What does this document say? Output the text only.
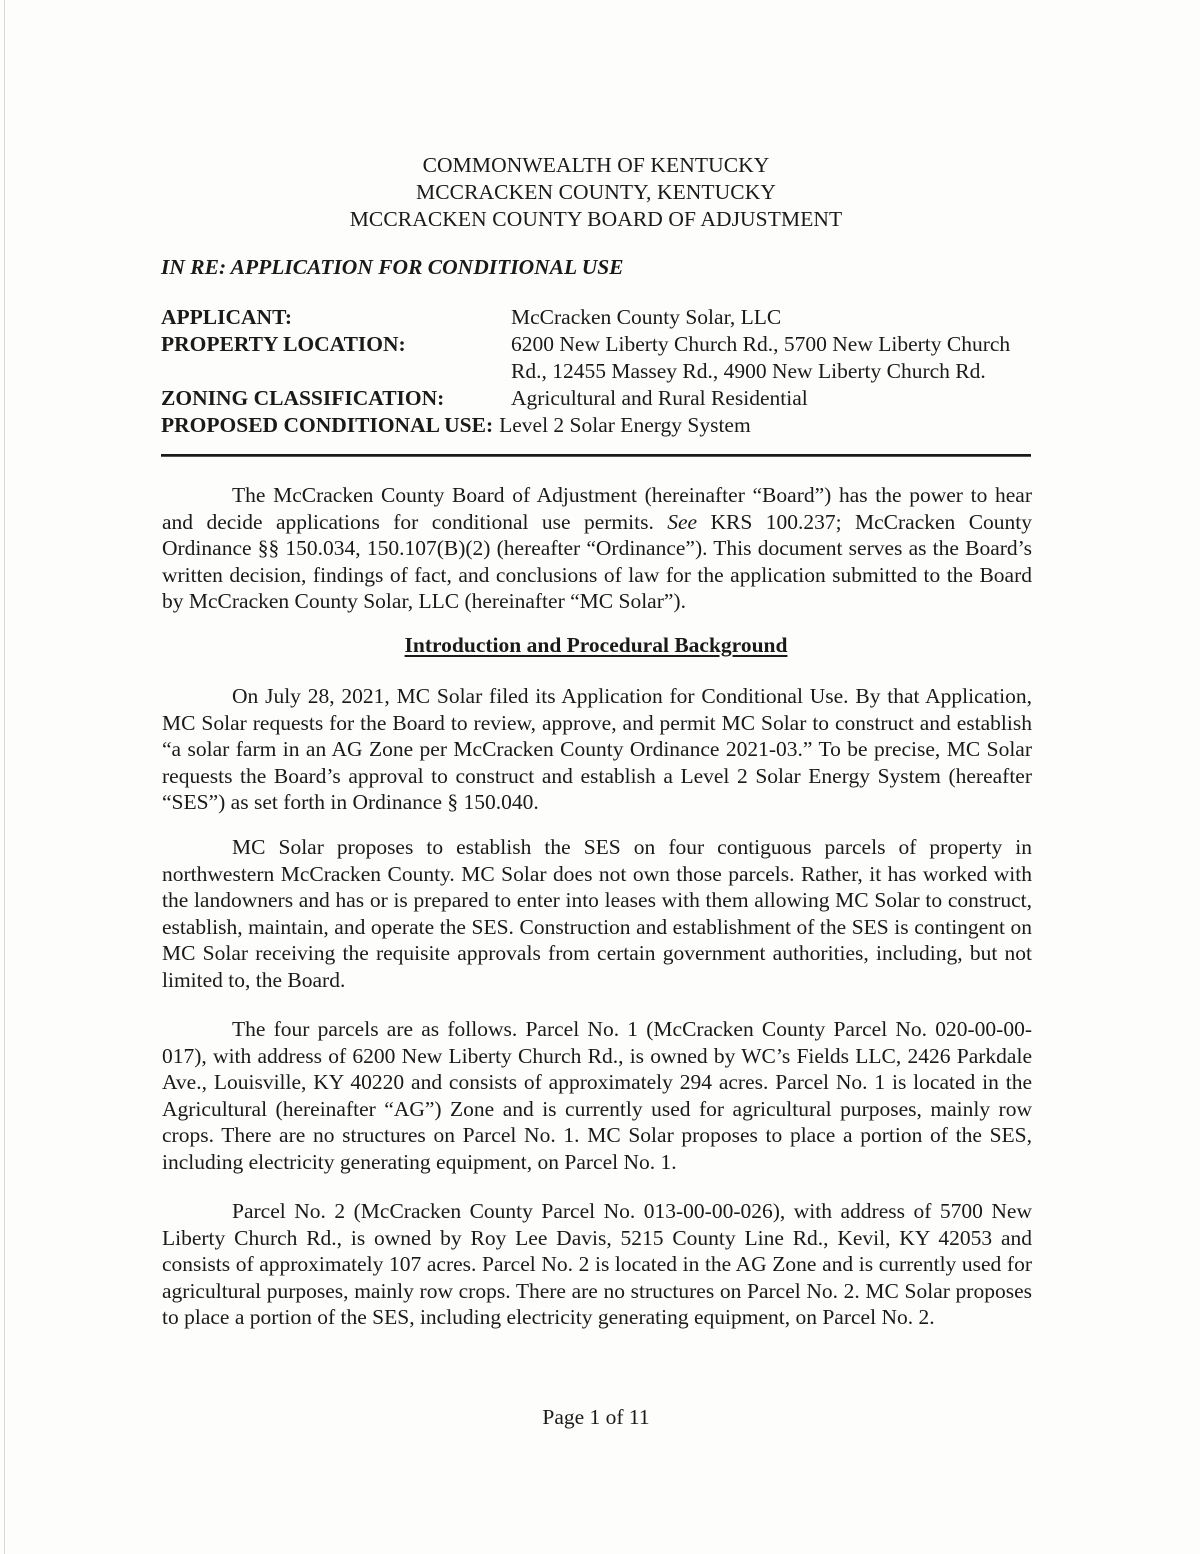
COMMONWEALTH OF KENTUCKY
MCCRACKEN COUNTY, KENTUCKY
MCCRACKEN COUNTY BOARD OF ADJUSTMENT
IN RE: APPLICATION FOR CONDITIONAL USE
APPLICANT:	McCracken County Solar, LLC
PROPERTY LOCATION:	6200 New Liberty Church Rd., 5700 New Liberty Church Rd., 12455 Massey Rd., 4900 New Liberty Church Rd.
ZONING CLASSIFICATION:	Agricultural and Rural Residential
PROPOSED CONDITIONAL USE: Level 2 Solar Energy System
The McCracken County Board of Adjustment (hereinafter “Board”) has the power to hear and decide applications for conditional use permits. See KRS 100.237; McCracken County Ordinance §§ 150.034, 150.107(B)(2) (hereafter “Ordinance”). This document serves as the Board’s written decision, findings of fact, and conclusions of law for the application submitted to the Board by McCracken County Solar, LLC (hereinafter “MC Solar”).
Introduction and Procedural Background
On July 28, 2021, MC Solar filed its Application for Conditional Use. By that Application, MC Solar requests for the Board to review, approve, and permit MC Solar to construct and establish “a solar farm in an AG Zone per McCracken County Ordinance 2021-03.” To be precise, MC Solar requests the Board’s approval to construct and establish a Level 2 Solar Energy System (hereafter “SES”) as set forth in Ordinance § 150.040.
MC Solar proposes to establish the SES on four contiguous parcels of property in northwestern McCracken County. MC Solar does not own those parcels. Rather, it has worked with the landowners and has or is prepared to enter into leases with them allowing MC Solar to construct, establish, maintain, and operate the SES. Construction and establishment of the SES is contingent on MC Solar receiving the requisite approvals from certain government authorities, including, but not limited to, the Board.
The four parcels are as follows. Parcel No. 1 (McCracken County Parcel No. 020-00-00-017), with address of 6200 New Liberty Church Rd., is owned by WC’s Fields LLC, 2426 Parkdale Ave., Louisville, KY 40220 and consists of approximately 294 acres. Parcel No. 1 is located in the Agricultural (hereinafter “AG”) Zone and is currently used for agricultural purposes, mainly row crops. There are no structures on Parcel No. 1. MC Solar proposes to place a portion of the SES, including electricity generating equipment, on Parcel No. 1.
Parcel No. 2 (McCracken County Parcel No. 013-00-00-026), with address of 5700 New Liberty Church Rd., is owned by Roy Lee Davis, 5215 County Line Rd., Kevil, KY 42053 and consists of approximately 107 acres. Parcel No. 2 is located in the AG Zone and is currently used for agricultural purposes, mainly row crops. There are no structures on Parcel No. 2. MC Solar proposes to place a portion of the SES, including electricity generating equipment, on Parcel No. 2.
Page 1 of 11
